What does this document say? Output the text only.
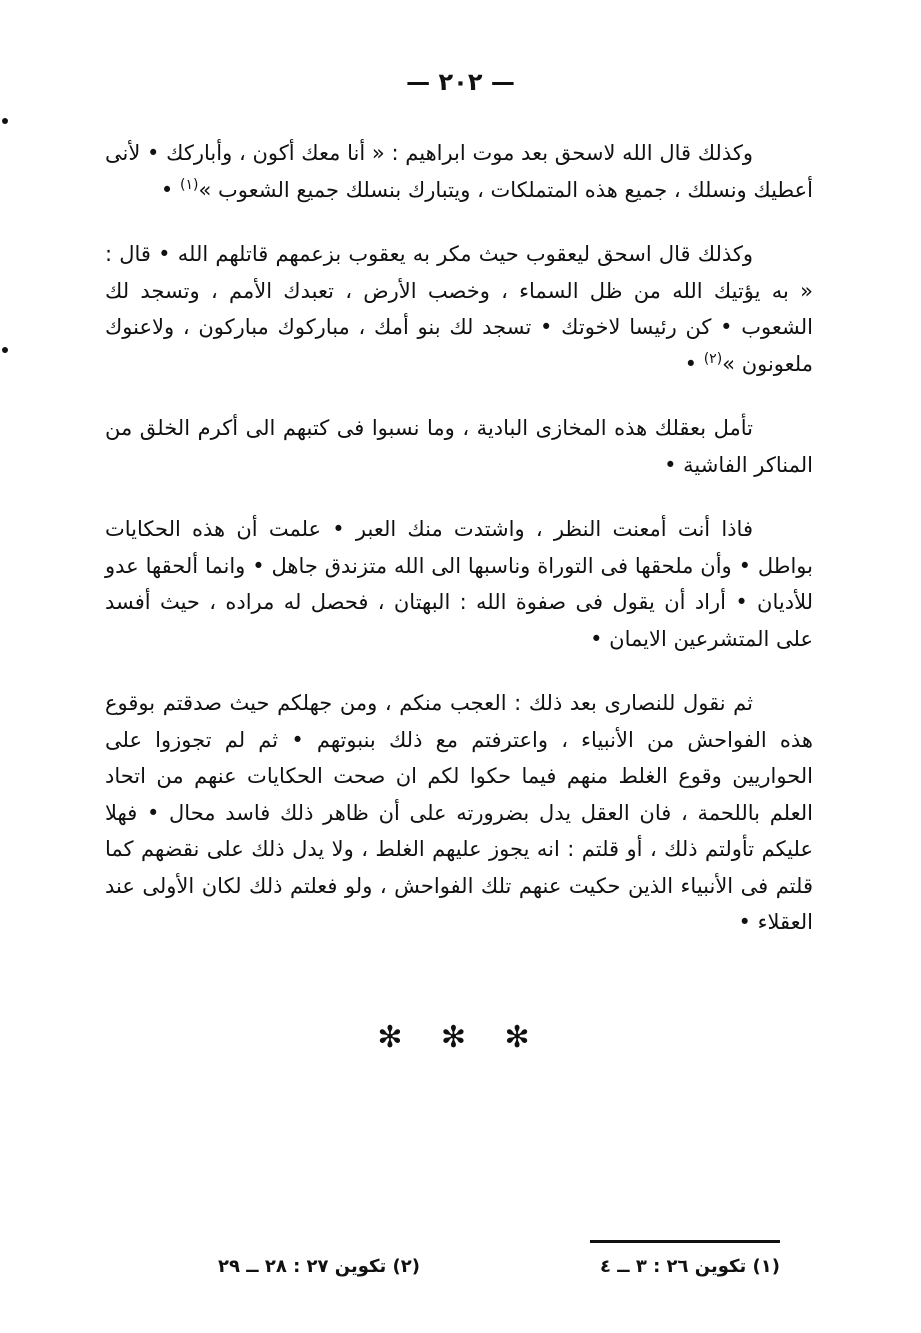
— ٢٠٢ —

وكذلك قال الله لاسحق بعد موت ابراهيم : « أنا معك أكون ، وأباركك • لأنى أعطيك ونسلك ، جميع هذه المتملكات ، ويتبارك بنسلك جميع الشعوب »$^{(١)}$ •

وكذلك قال اسحق ليعقوب حيث مكر به يعقوب بزعمهم قاتلهم الله • قال : « به يؤتيك الله من ظل السماء ، وخصب الأرض ، تعبدك الأمم ، وتسجد لك الشعوب • كن رئيسا لاخوتك • تسجد لك بنو أمك ، مباركوك مباركون ، ولاعنوك ملعونون »$^{(٢)}$ •

تأمل بعقلك هذه المخازى البادية ، وما نسبوا فى كتبهم الى أكرم الخلق من المناكر الفاشية •

فاذا أنت أمعنت النظر ، واشتدت منك العبر • علمت أن هذه الحكايات بواطل • وأن ملحقها فى التوراة وناسبها الى الله متزندق جاهل • وانما ألحقها عدو للأديان • أراد أن يقول فى صفوة الله : البهتان ، فحصل له مراده ، حيث أفسد على المتشرعين الايمان •

ثم نقول للنصارى بعد ذلك : العجب منكم ، ومن جهلكم حيث صدقتم بوقوع هذه الفواحش من الأنبياء ، واعترفتم مع ذلك بنبوتهم • ثم لم تجوزوا على الحواريين وقوع الغلط منهم فيما حكوا لكم ان صحت الحكايات عنهم من اتحاد العلم باللحمة ، فان العقل يدل بضرورته على أن ظاهر ذلك فاسد محال • فهلا عليكم تأولتم ذلك ، أو قلتم : انه يجوز عليهم الغلط ، ولا يدل ذلك على نقضهم كما قلتم فى الأنبياء الذين حكيت عنهم تلك الفواحش ، ولو فعلتم ذلك لكان الأولى عند العقلاء •

✻ ✻ ✻
(١) تكوين ٢٦ : ٣ ــ ٤
(٢) تكوين ٢٧ : ٢٨ ــ ٢٩
